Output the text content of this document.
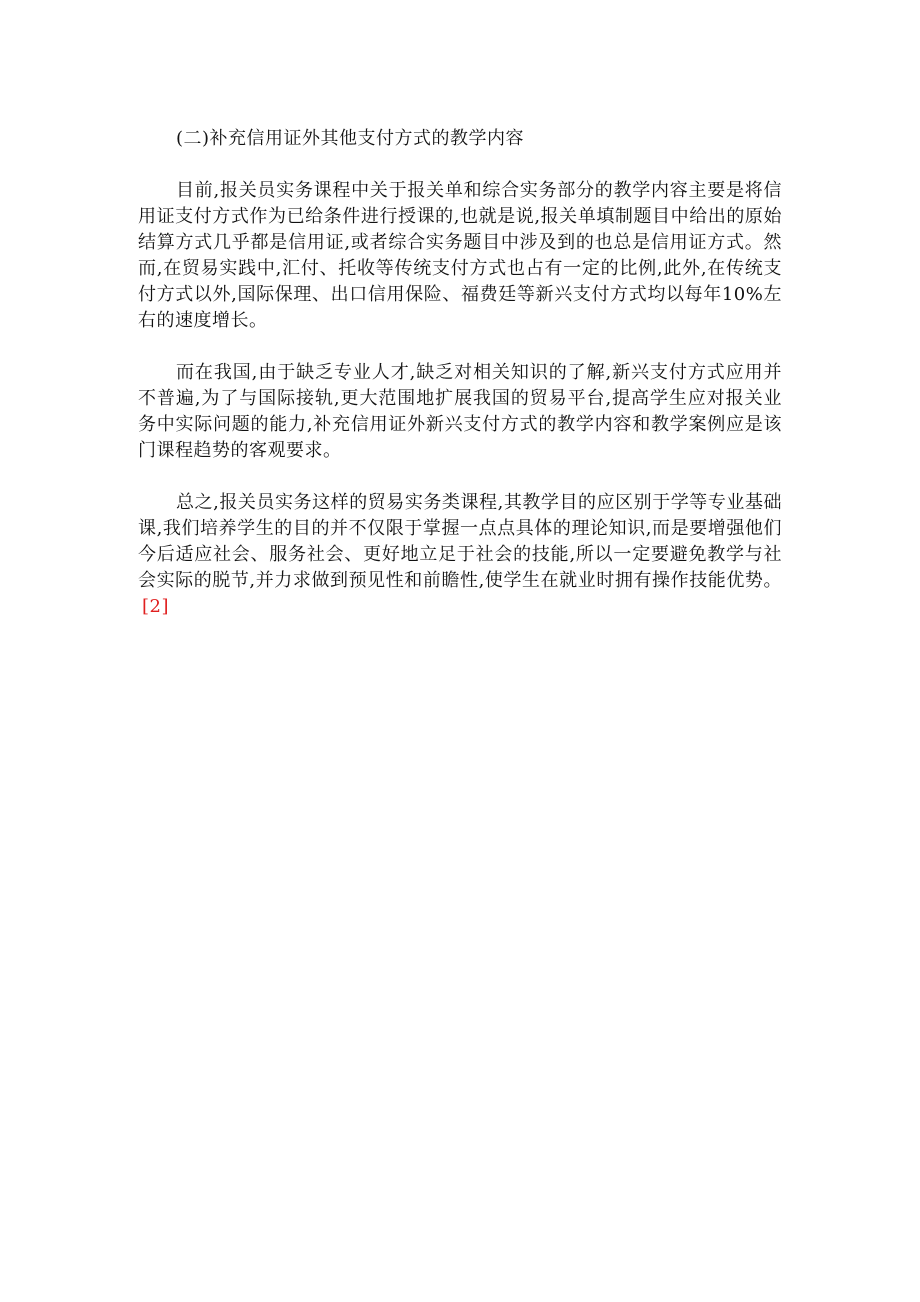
(二)补充信用证外其他支付方式的教学内容

目前,报关员实务课程中关于报关单和综合实务部分的教学内容主要是将信用证支付方式作为已给条件进行授课的,也就是说,报关单填制题目中给出的原始结算方式几乎都是信用证,或者综合实务题目中涉及到的也总是信用证方式。然而,在贸易实践中,汇付、托收等传统支付方式也占有一定的比例,此外,在传统支付方式以外,国际保理、出口信用保险、福费廷等新兴支付方式均以每年10%左右的速度增长。

而在我国,由于缺乏专业人才,缺乏对相关知识的了解,新兴支付方式应用并不普遍,为了与国际接轨,更大范围地扩展我国的贸易平台,提高学生应对报关业务中实际问题的能力,补充信用证外新兴支付方式的教学内容和教学案例应是该门课程趋势的客观要求。

总之,报关员实务这样的贸易实务类课程,其教学目的应区别于学等专业基础课,我们培养学生的目的并不仅限于掌握一点点具体的理论知识,而是要增强他们今后适应社会、服务社会、更好地立足于社会的技能,所以一定要避免教学与社会实际的脱节,并力求做到预见性和前瞻性,使学生在就业时拥有操作技能优势。[2]
